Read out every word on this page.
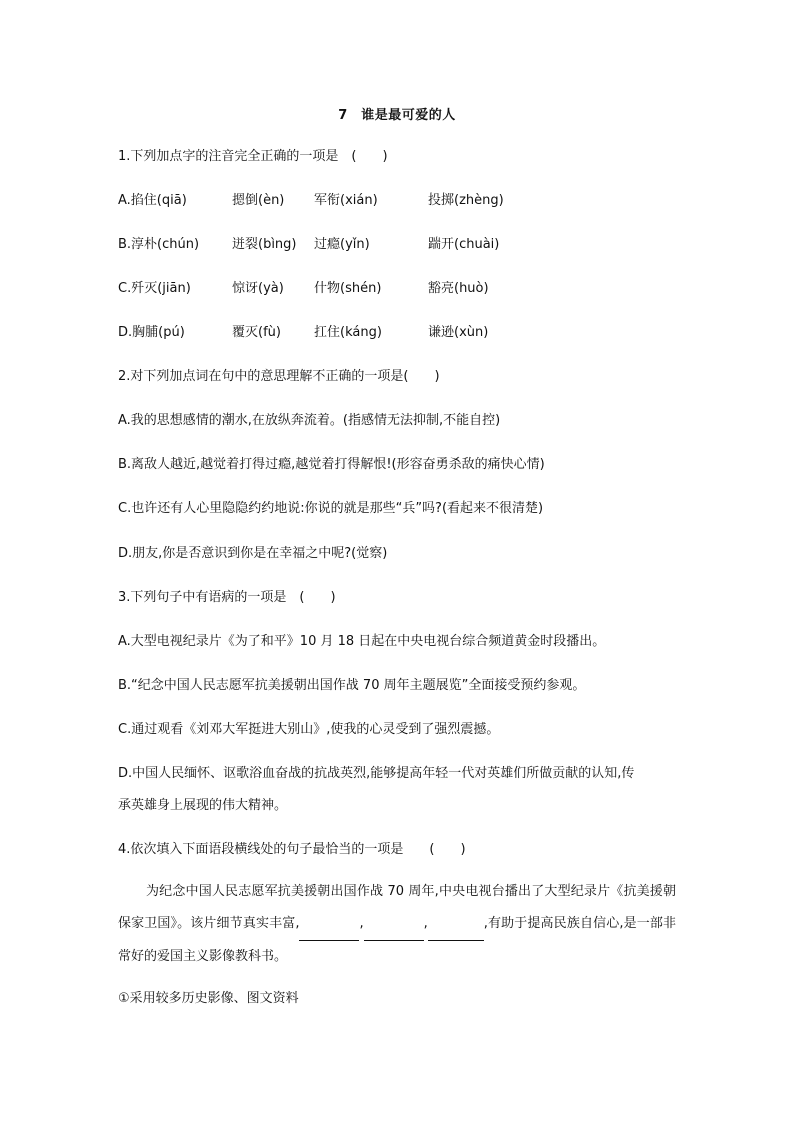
7　谁是最可爱的人
1.下列加点字的注音完全正确的一项是　(　　)
A.掐住(qiā)	摁倒(èn) 军衔(xián)	投掷(zhèng)
B.淳朴(chún)	迸裂(bìng) 过瘾(yǐn)	踹开(chuài)
C.歼灭(jiān)	惊讶(yà) 什物(shén)	豁亮(huò)
D.胸脯(pú)	覆灭(fù)	扛住(káng)	谦逊(xùn)
2.对下列加点词在句中的意思理解不正确的一项是(　　)
A.我的思想感情的潮水,在放纵奔流着。(指感情无法抑制,不能自控)
B.离敌人越近,越觉着打得过瘾,越觉着打得解恨!(形容奋勇杀敌的痛快心情)
C.也许还有人心里隐隐约约地说:你说的就是那些“兵”吗?(看起来不很清楚)
D.朋友,你是否意识到你是在幸福之中呢?(觉察)
3.下列句子中有语病的一项是　(　　)
A.大型电视纪录片《为了和平》10 月 18 日起在中央电视台综合频道黄金时段播出。
B.“纪念中国人民志愿军抗美援朝出国作战 70 周年主题展览”全面接受预约参观。
C.通过观看《刘邓大军挺进大别山》,使我的心灵受到了强烈震撼。
D.中国人民缅怀、讴歌浴血奋战的抗战英烈,能够提高年轻一代对英雄们所做贡献的认知,传
承英雄身上展现的伟大精神。
4.依次填入下面语段横线处的句子最恰当的一项是　　(　　)
为纪念中国人民志愿军抗美援朝出国作战 70 周年,中央电视台播出了大型纪录片《抗美援朝保家卫国》。该片细节真实丰富,	,	,	,有助于提高民族自信心,是一部非常好的爱国主义影像教科书。
①采用较多历史影像、图文资料
